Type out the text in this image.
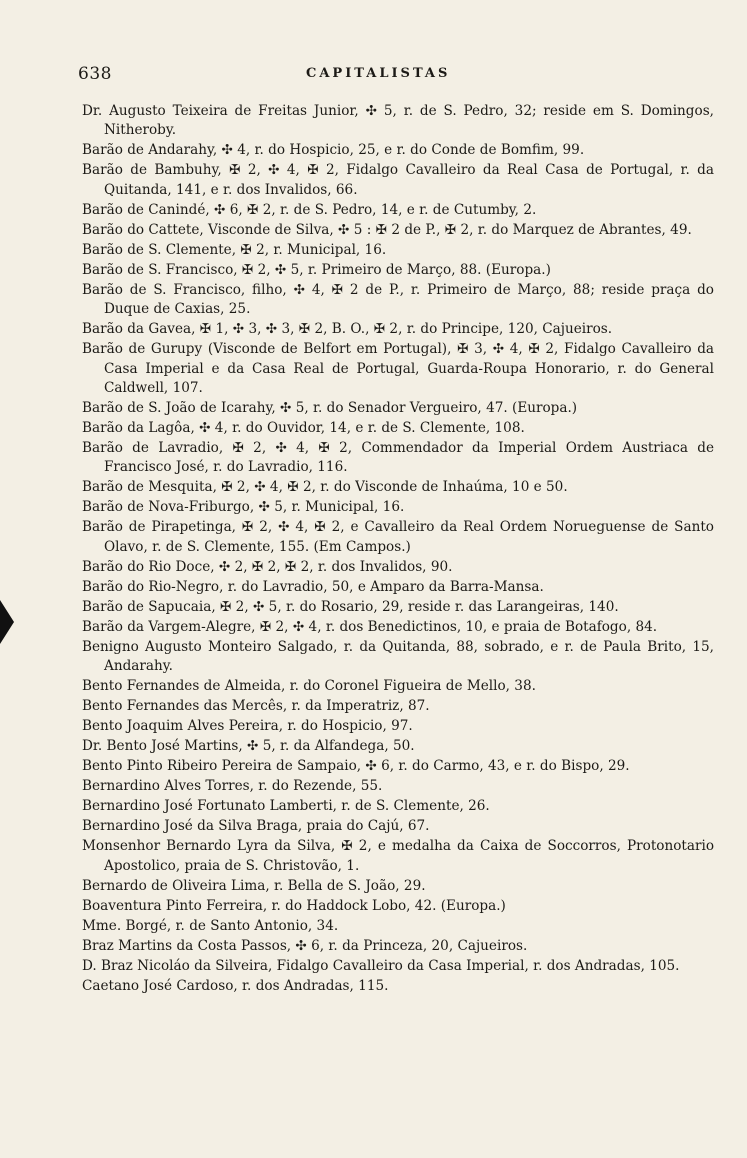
638	CAPITALISTAS

Dr. Augusto Teixeira de Freitas Junior, ✣ 5, r. de S. Pedro, 32; reside em S. Domingos, Nitheroby.

Barão de Andarahy, ✣ 4, r. do Hospicio, 25, e r. do Conde de Bomfim, 99.

Barão de Bambuhy, ✠ 2, ✣ 4, ✠ 2, Fidalgo Cavalleiro da Real Casa de Portugal, r. da Quitanda, 141, e r. dos Invalidos, 66.

Barão de Canindé, ✣ 6, ✠ 2, r. de S. Pedro, 14, e r. de Cutumby, 2.

Barão do Cattete, Visconde de Silva, ✣ 5 : ✠ 2 de P., ✠ 2, r. do Marquez de Abrantes, 49.

Barão de S. Clemente, ✠ 2, r. Municipal, 16.

Barão de S. Francisco, ✠ 2, ✣ 5, r. Primeiro de Março, 88. (Europa.)

Barão de S. Francisco, filho, ✣ 4, ✠ 2 de P., r. Primeiro de Março, 88; reside praça do Duque de Caxias, 25.

Barão da Gavea, ✠ 1, ✣ 3, ✣ 3, ✠ 2, B. O., ✠ 2, r. do Principe, 120, Cajueiros.

Barão de Gurupy (Visconde de Belfort em Portugal), ✠ 3, ✣ 4, ✠ 2, Fidalgo Cavalleiro da Casa Imperial e da Casa Real de Portugal, Guarda-Roupa Honorario, r. do General Caldwell, 107.

Barão de S. João de Icarahy, ✣ 5, r. do Senador Vergueiro, 47. (Europa.)

Barão da Lagôa, ✣ 4, r. do Ouvidor, 14, e r. de S. Clemente, 108.

Barão de Lavradio, ✠ 2, ✣ 4, ✠ 2, Commendador da Imperial Ordem Austriaca de Francisco José, r. do Lavradio, 116.

Barão de Mesquita, ✠ 2, ✣ 4, ✠ 2, r. do Visconde de Inhaúma, 10 e 50.

Barão de Nova-Friburgo, ✣ 5, r. Municipal, 16.

Barão de Pirapetinga, ✠ 2, ✣ 4, ✠ 2, e Cavalleiro da Real Ordem Norueguense de Santo Olavo, r. de S. Clemente, 155. (Em Campos.)

Barão do Rio Doce, ✣ 2, ✠ 2, ✠ 2, r. dos Invalidos, 90.

Barão do Rio-Negro, r. do Lavradio, 50, e Amparo da Barra-Mansa.

Barão de Sapucaia, ✠ 2, ✣ 5, r. do Rosario, 29, reside r. das Larangeiras, 140.

Barão da Vargem-Alegre, ✠ 2, ✣ 4, r. dos Benedictinos, 10, e praia de Botafogo, 84.

Benigno Augusto Monteiro Salgado, r. da Quitanda, 88, sobrado, e r. de Paula Brito, 15, Andarahy.

Bento Fernandes de Almeida, r. do Coronel Figueira de Mello, 38.

Bento Fernandes das Mercês, r. da Imperatriz, 87.

Bento Joaquim Alves Pereira, r. do Hospicio, 97.

Dr. Bento José Martins, ✣ 5, r. da Alfandega, 50.

Bento Pinto Ribeiro Pereira de Sampaio, ✣ 6, r. do Carmo, 43, e r. do Bispo, 29.

Bernardino Alves Torres, r. do Rezende, 55.

Bernardino José Fortunato Lamberti, r. de S. Clemente, 26.

Bernardino José da Silva Braga, praia do Cajú, 67.

Monsenhor Bernardo Lyra da Silva, ✠ 2, e medalha da Caixa de Soccorros, Protonotario Apostolico, praia de S. Christovão, 1.

Bernardo de Oliveira Lima, r. Bella de S. João, 29.

Boaventura Pinto Ferreira, r. do Haddock Lobo, 42. (Europa.)

Mme. Borgé, r. de Santo Antonio, 34.

Braz Martins da Costa Passos, ✣ 6, r. da Princeza, 20, Cajueiros.

D. Braz Nicoláo da Silveira, Fidalgo Cavalleiro da Casa Imperial, r. dos Andradas, 105.

Caetano José Cardoso, r. dos Andradas, 115.
